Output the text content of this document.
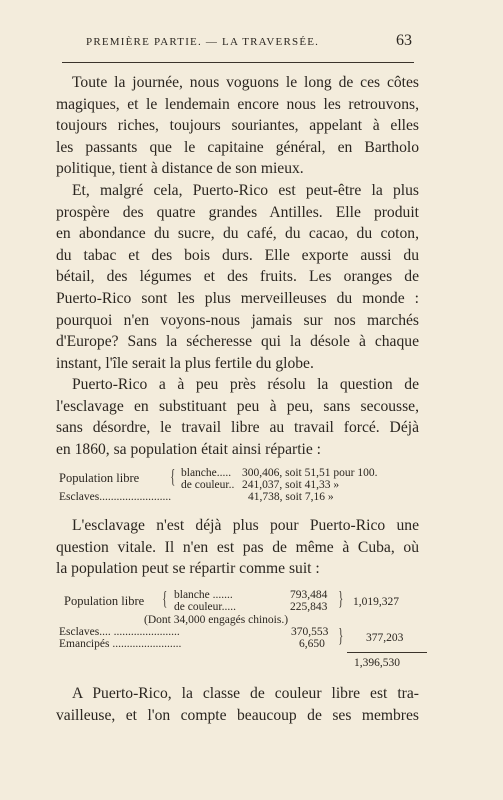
PREMIÈRE PARTIE. — LA TRAVERSÉE.	63

Toute la journée, nous voguons le long de ces côtes
magiques, et le lendemain encore nous les retrouvons,
toujours riches, toujours souriantes, appelant à elles
les passants que le capitaine général, en Bartholo
politique, tient à distance de son mieux.

Et, malgré cela, Puerto-Rico est peut-être la plus
prospère des quatre grandes Antilles. Elle produit
en abondance du sucre, du café, du cacao, du coton,
du tabac et des bois durs. Elle exporte aussi du
bétail, des légumes et des fruits. Les oranges de
Puerto-Rico sont les plus merveilleuses du monde :
pourquoi n'en voyons-nous jamais sur nos marchés
d'Europe? Sans la sécheresse qui la désole à chaque
instant, l'île serait la plus fertile du globe.

Puerto-Rico a à peu près résolu la question de
l'esclavage en substituant peu à peu, sans secousse,
sans désordre, le travail libre au travail forcé. Déjà
en 1860, sa population était ainsi répartie :

Population libre { blanche..... 300,406, soit 51,51 pour 100.
de couleur.. 241,037, soit 41,33 »
Esclaves.........................	41,738, soit 7,16 »

L'esclavage n'est déjà plus pour Puerto-Rico une
question vitale. Il n'en est pas de même à Cuba, où
la population peut se répartir comme suit :

Population libre { blanche .......	793,484
de couleur.....	225,843 } 1,019,327
(Dont 34,000 engagés chinois.)
Esclaves.... .......................	370,553
Emancipés ........................	6,650 } 377,203
1,396,530

A Puerto-Rico, la classe de couleur libre est tra-
vailleuse, et l'on compte beaucoup de ses membres
